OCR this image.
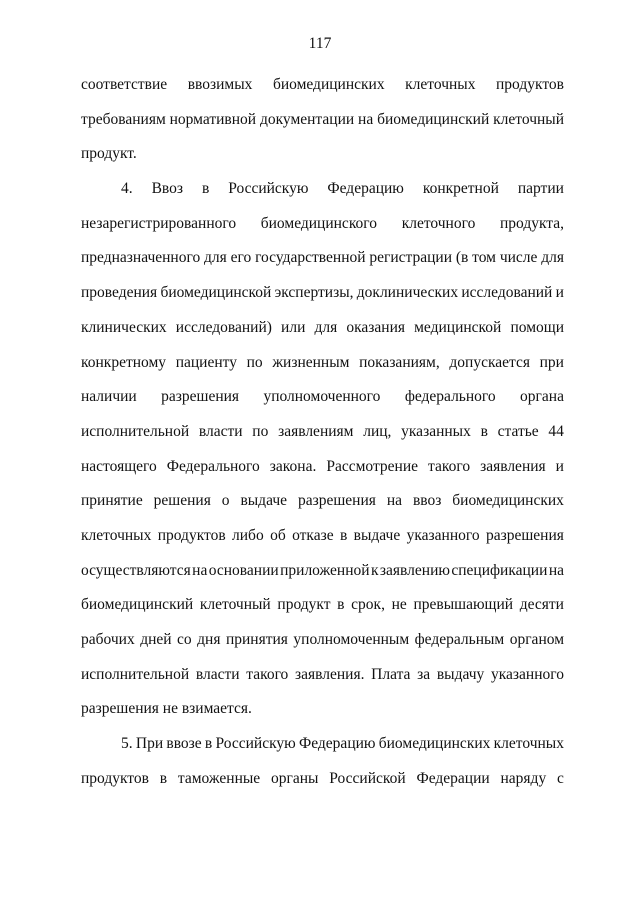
117
соответствие ввозимых биомедицинских клеточных продуктов
требованиям нормативной документации на биомедицинский клеточный
продукт.
4. Ввоз в Российскую Федерацию конкретной партии
незарегистрированного биомедицинского клеточного продукта,
предназначенного для его государственной регистрации (в том числе для
проведения биомедицинской экспертизы, доклинических исследований и
клинических исследований) или для оказания медицинской помощи
конкретному пациенту по жизненным показаниям, допускается при
наличии разрешения уполномоченного федерального органа
исполнительной власти по заявлениям лиц, указанных в статье 44
настоящего Федерального закона. Рассмотрение такого заявления и
принятие решения о выдаче разрешения на ввоз биомедицинских
клеточных продуктов либо об отказе в выдаче указанного разрешения
осуществляются на основании приложенной к заявлению спецификации на
биомедицинский клеточный продукт в срок, не превышающий десяти
рабочих дней со дня принятия уполномоченным федеральным органом
исполнительной власти такого заявления. Плата за выдачу указанного
разрешения не взимается.
5. При ввозе в Российскую Федерацию биомедицинских клеточных
продуктов в таможенные органы Российской Федерации наряду с
